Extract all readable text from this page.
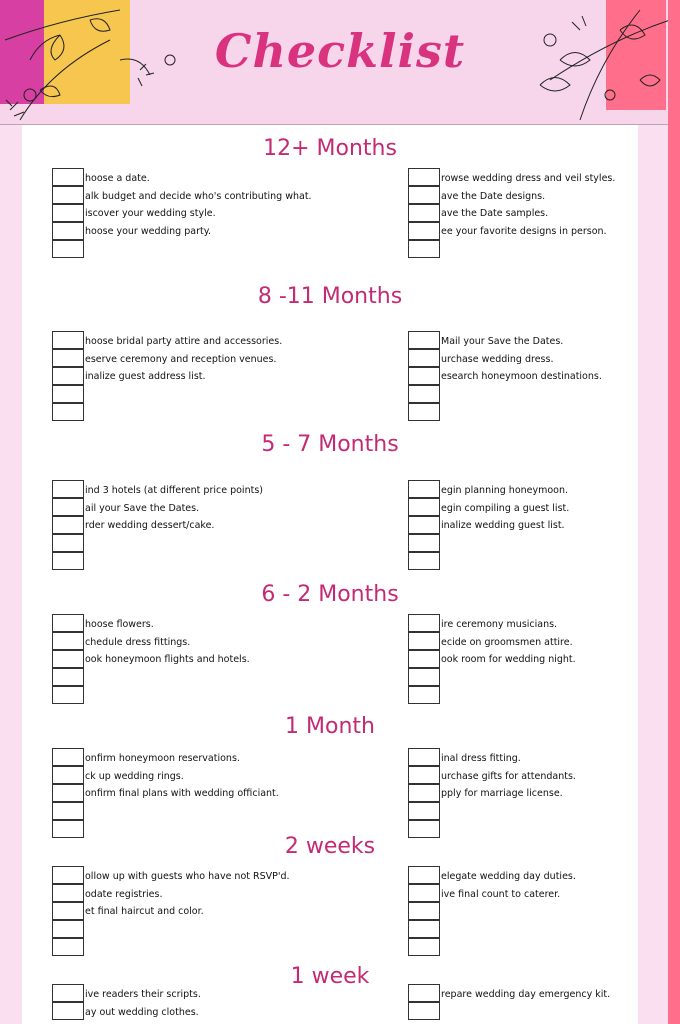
Checklist
12+ Months
hoose a date.
alk budget and decide who's contributing what.
iscover your wedding style.
hoose your wedding party.
rowse wedding dress and veil styles.
ave the Date designs.
ave the Date samples.
ee your favorite designs in person.
8 -11 Months
hoose bridal party attire and accessories.
eserve ceremony and reception venues.
inalize guest address list.
Mail your Save the Dates.
urchase wedding dress.
esearch honeymoon destinations.
5 - 7 Months
ind 3 hotels (at different price points)
ail your Save the Dates.
rder wedding dessert/cake.
egin planning honeymoon.
egin compiling a guest list.
inalize wedding guest list.
6 - 2 Months
hoose flowers.
chedule dress fittings.
ook honeymoon flights and hotels.
ire ceremony musicians.
ecide on groomsmen attire.
ook room for wedding night.
1 Month
onfirm honeymoon reservations.
ck up wedding rings.
onfirm final plans with wedding officiant.
inal dress fitting.
urchase gifts for attendants.
pply for marriage license.
2 weeks
ollow up with guests who have not RSVP'd.
odate registries.
et final haircut and color.
elegate wedding day duties.
ive final count to caterer.
1 week
ive readers their scripts.
ay out wedding clothes.
repare wedding day emergency kit.
